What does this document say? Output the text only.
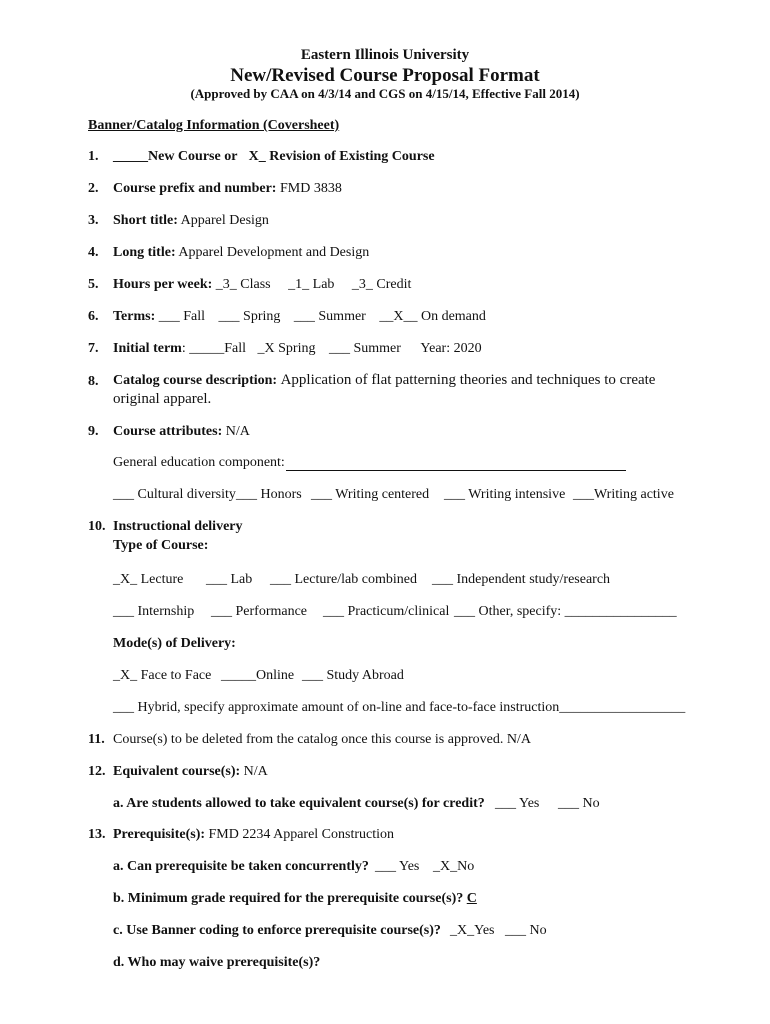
Eastern Illinois University
New/Revised Course Proposal Format
(Approved by CAA on 4/3/14 and CGS on 4/15/14, Effective Fall 2014)
Banner/Catalog Information (Coversheet)
1. _____New Course or X_ Revision of Existing Course
2. Course prefix and number: FMD 3838
3. Short title: Apparel Design
4. Long title: Apparel Development and Design
5. Hours per week: _3_ Class _1_ Lab _3_ Credit
6. Terms: ___ Fall ___ Spring ___ Summer __X__ On demand
7. Initial term: _____Fall _X Spring ___ Summer Year: 2020
8. Catalog course description: Application of flat patterning theories and techniques to create
original apparel.
9. Course attributes: N/A
General education component:
___ Cultural diversity ___ Honors ___ Writing centered ___ Writing intensive ___Writing active
10. Instructional delivery
Type of Course:
_X_ Lecture ___ Lab ___ Lecture/lab combined ___ Independent study/research
___ Internship ___ Performance ___ Practicum/clinical ___ Other, specify: ________________
Mode(s) of Delivery:
_X_ Face to Face _____Online ___ Study Abroad
___ Hybrid, specify approximate amount of on-line and face-to-face instruction__________________
11. Course(s) to be deleted from the catalog once this course is approved. N/A
12. Equivalent course(s): N/A
a. Are students allowed to take equivalent course(s) for credit? ___ Yes ___ No
13. Prerequisite(s): FMD 2234 Apparel Construction
a. Can prerequisite be taken concurrently? ___ Yes _X_No
b. Minimum grade required for the prerequisite course(s)? C
c. Use Banner coding to enforce prerequisite course(s)? _X_Yes ___ No
d. Who may waive prerequisite(s)?
